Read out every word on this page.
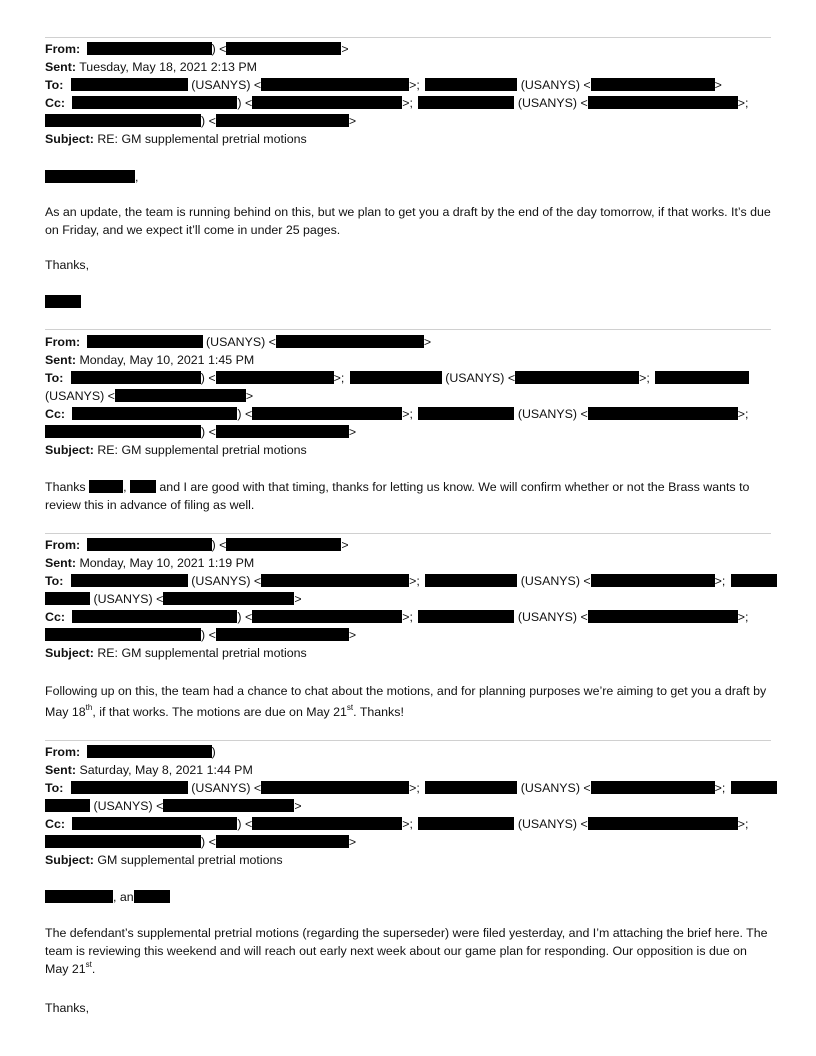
From:	) <	>
Sent: Tuesday, May 18, 2021 2:13 PM
To:	(USANYS) <	>;	(USANYS) <	>
Cc:	) <	>;	(USANYS) <	>;
) <	>
Subject: RE: GM supplemental pretrial motions
,
As an update, the team is running behind on this, but we plan to get you a draft by the end of the day tomorrow, if that works. It’s due on Friday, and we expect it’ll come in under 25 pages.
Thanks,
From:	(USANYS) <	>
Sent: Monday, May 10, 2021 1:45 PM
To:	) <	>;	(USANYS) <	>;
(USANYS) <	>
Cc:	) <	>;	(USANYS) <	>;
) <	>
Subject: RE: GM supplemental pretrial motions
Thanks	,  and I are good with that timing, thanks for letting us know. We will confirm whether or not the Brass wants to review this in advance of filing as well.
From:	) <	>
Sent: Monday, May 10, 2021 1:19 PM
To:	(USANYS) <	>;	(USANYS) <	>;
(USANYS) <	>
Cc:	) <	>;	(USANYS) <	>;
) <	>
Subject: RE: GM supplemental pretrial motions
Following up on this, the team had a chance to chat about the motions, and for planning purposes we’re aiming to get you a draft by May 18th, if that works. The motions are due on May 21st. Thanks!
From:	)
Sent: Saturday, May 8, 2021 1:44 PM
To:	(USANYS) <	>;	(USANYS) <	>;
(USANYS) <	>
Cc:	) <	>;	(USANYS) <	>;
) <	>
Subject: GM supplemental pretrial motions
, an
The defendant’s supplemental pretrial motions (regarding the superseder) were filed yesterday, and I’m attaching the brief here. The team is reviewing this weekend and will reach out early next week about our game plan for responding. Our opposition is due on May 21st.
Thanks,
